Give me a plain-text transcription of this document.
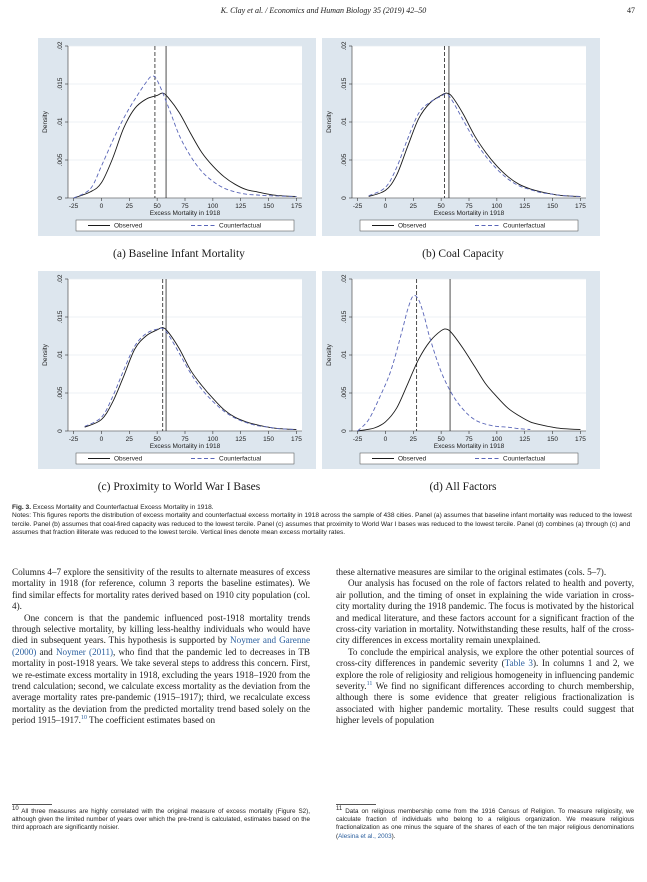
K. Clay et al. / Economics and Human Biology 35 (2019) 42–50	47
0
.005
.01
.015
.02
-25	0	25	50	75	100	125	150	175
Excess Mortality in 1918
Density
Observed	Counterfactual
0
.005
.01
.015
.02
-25	0	25	50	75	100	125	150	175
Excess Mortality in 1918
Density
Observed	Counterfactual
0
.005
.01
.015
.02
-25	0	25	50	75	100	125	150	175
Excess Mortality in 1918
Density
Observed	Counterfactual
0
.005
.01
.015
.02
-25	0	25	50	75	100	125	150	175
Excess Mortality in 1918
Density
Observed	Counterfactual
(a) Baseline Infant Mortality	(b) Coal Capacity
(c) Proximity to World War I Bases	(d) All Factors
Fig. 3. Excess Mortality and Counterfactual Excess Mortality in 1918.
Notes: This figures reports the distribution of excess mortality and counterfactual excess mortality in 1918 across the sample of 438 cities. Panel (a) assumes that baseline infant mortality was reduced to the lowest tercile. Panel (b) assumes that coal-fired capacity was reduced to the lowest tercile. Panel (c) assumes that proximity to World War I bases was reduced to the lowest tercile. Panel (d) combines (a) through (c) and assumes that fraction illiterate was reduced to the lowest tercile. Vertical lines denote mean excess mortality rates.

Columns 4–7 explore the sensitivity of the results to alternate measures of excess mortality in 1918 (for reference, column 3 reports the baseline estimates). We find similar effects for mortality rates derived based on 1910 city population (col. 4).

One concern is that the pandemic influenced post-1918 mortality trends through selective mortality, by killing less-healthy individuals who would have died in subsequent years. This hypothesis is supported by Noymer and Garenne (2000) and Noymer (2011), who find that the pandemic led to decreases in TB mortality in post-1918 years. We take several steps to address this concern. First, we re-estimate excess mortality in 1918, excluding the years 1918–1920 from the trend calculation; second, we calculate excess mortality as the deviation from the average mortality rates pre-pandemic (1915–1917); third, we recalculate excess mortality as the deviation from the predicted mortality trend based solely on the period 1915–1917.10 The coefficient estimates based on

these alternative measures are similar to the original estimates (cols. 5–7).

Our analysis has focused on the role of factors related to health and poverty, air pollution, and the timing of onset in explaining the wide variation in cross-city mortality during the 1918 pandemic. The focus is motivated by the historical and medical literature, and these factors account for a significant fraction of the cross-city variation in mortality. Notwithstanding these results, half of the cross-city differences in excess mortality remain unexplained.

To conclude the empirical analysis, we explore the other potential sources of cross-city differences in pandemic severity (Table 3). In columns 1 and 2, we explore the role of religiosity and religious homogeneity in influencing pandemic severity.$^{11}$ We find no significant differences according to church membership, although there is some evidence that greater religious fractionalization is associated with higher pandemic mortality. These results could suggest that higher levels of population

$^{10}$ All three measures are highly correlated with the original measure of excess mortality (Figure S2), although given the limited number of years over which the pre-trend is calculated, estimates based on the third approach are significantly noisier.
$^{11}$ Data on religious membership come from the 1916 Census of Religion. To measure religiosity, we calculate fraction of individuals who belong to a religious organization. We measure religious fractionalization as one minus the square of the shares of each of the ten major religious denominations (Alesina et al., 2003).
